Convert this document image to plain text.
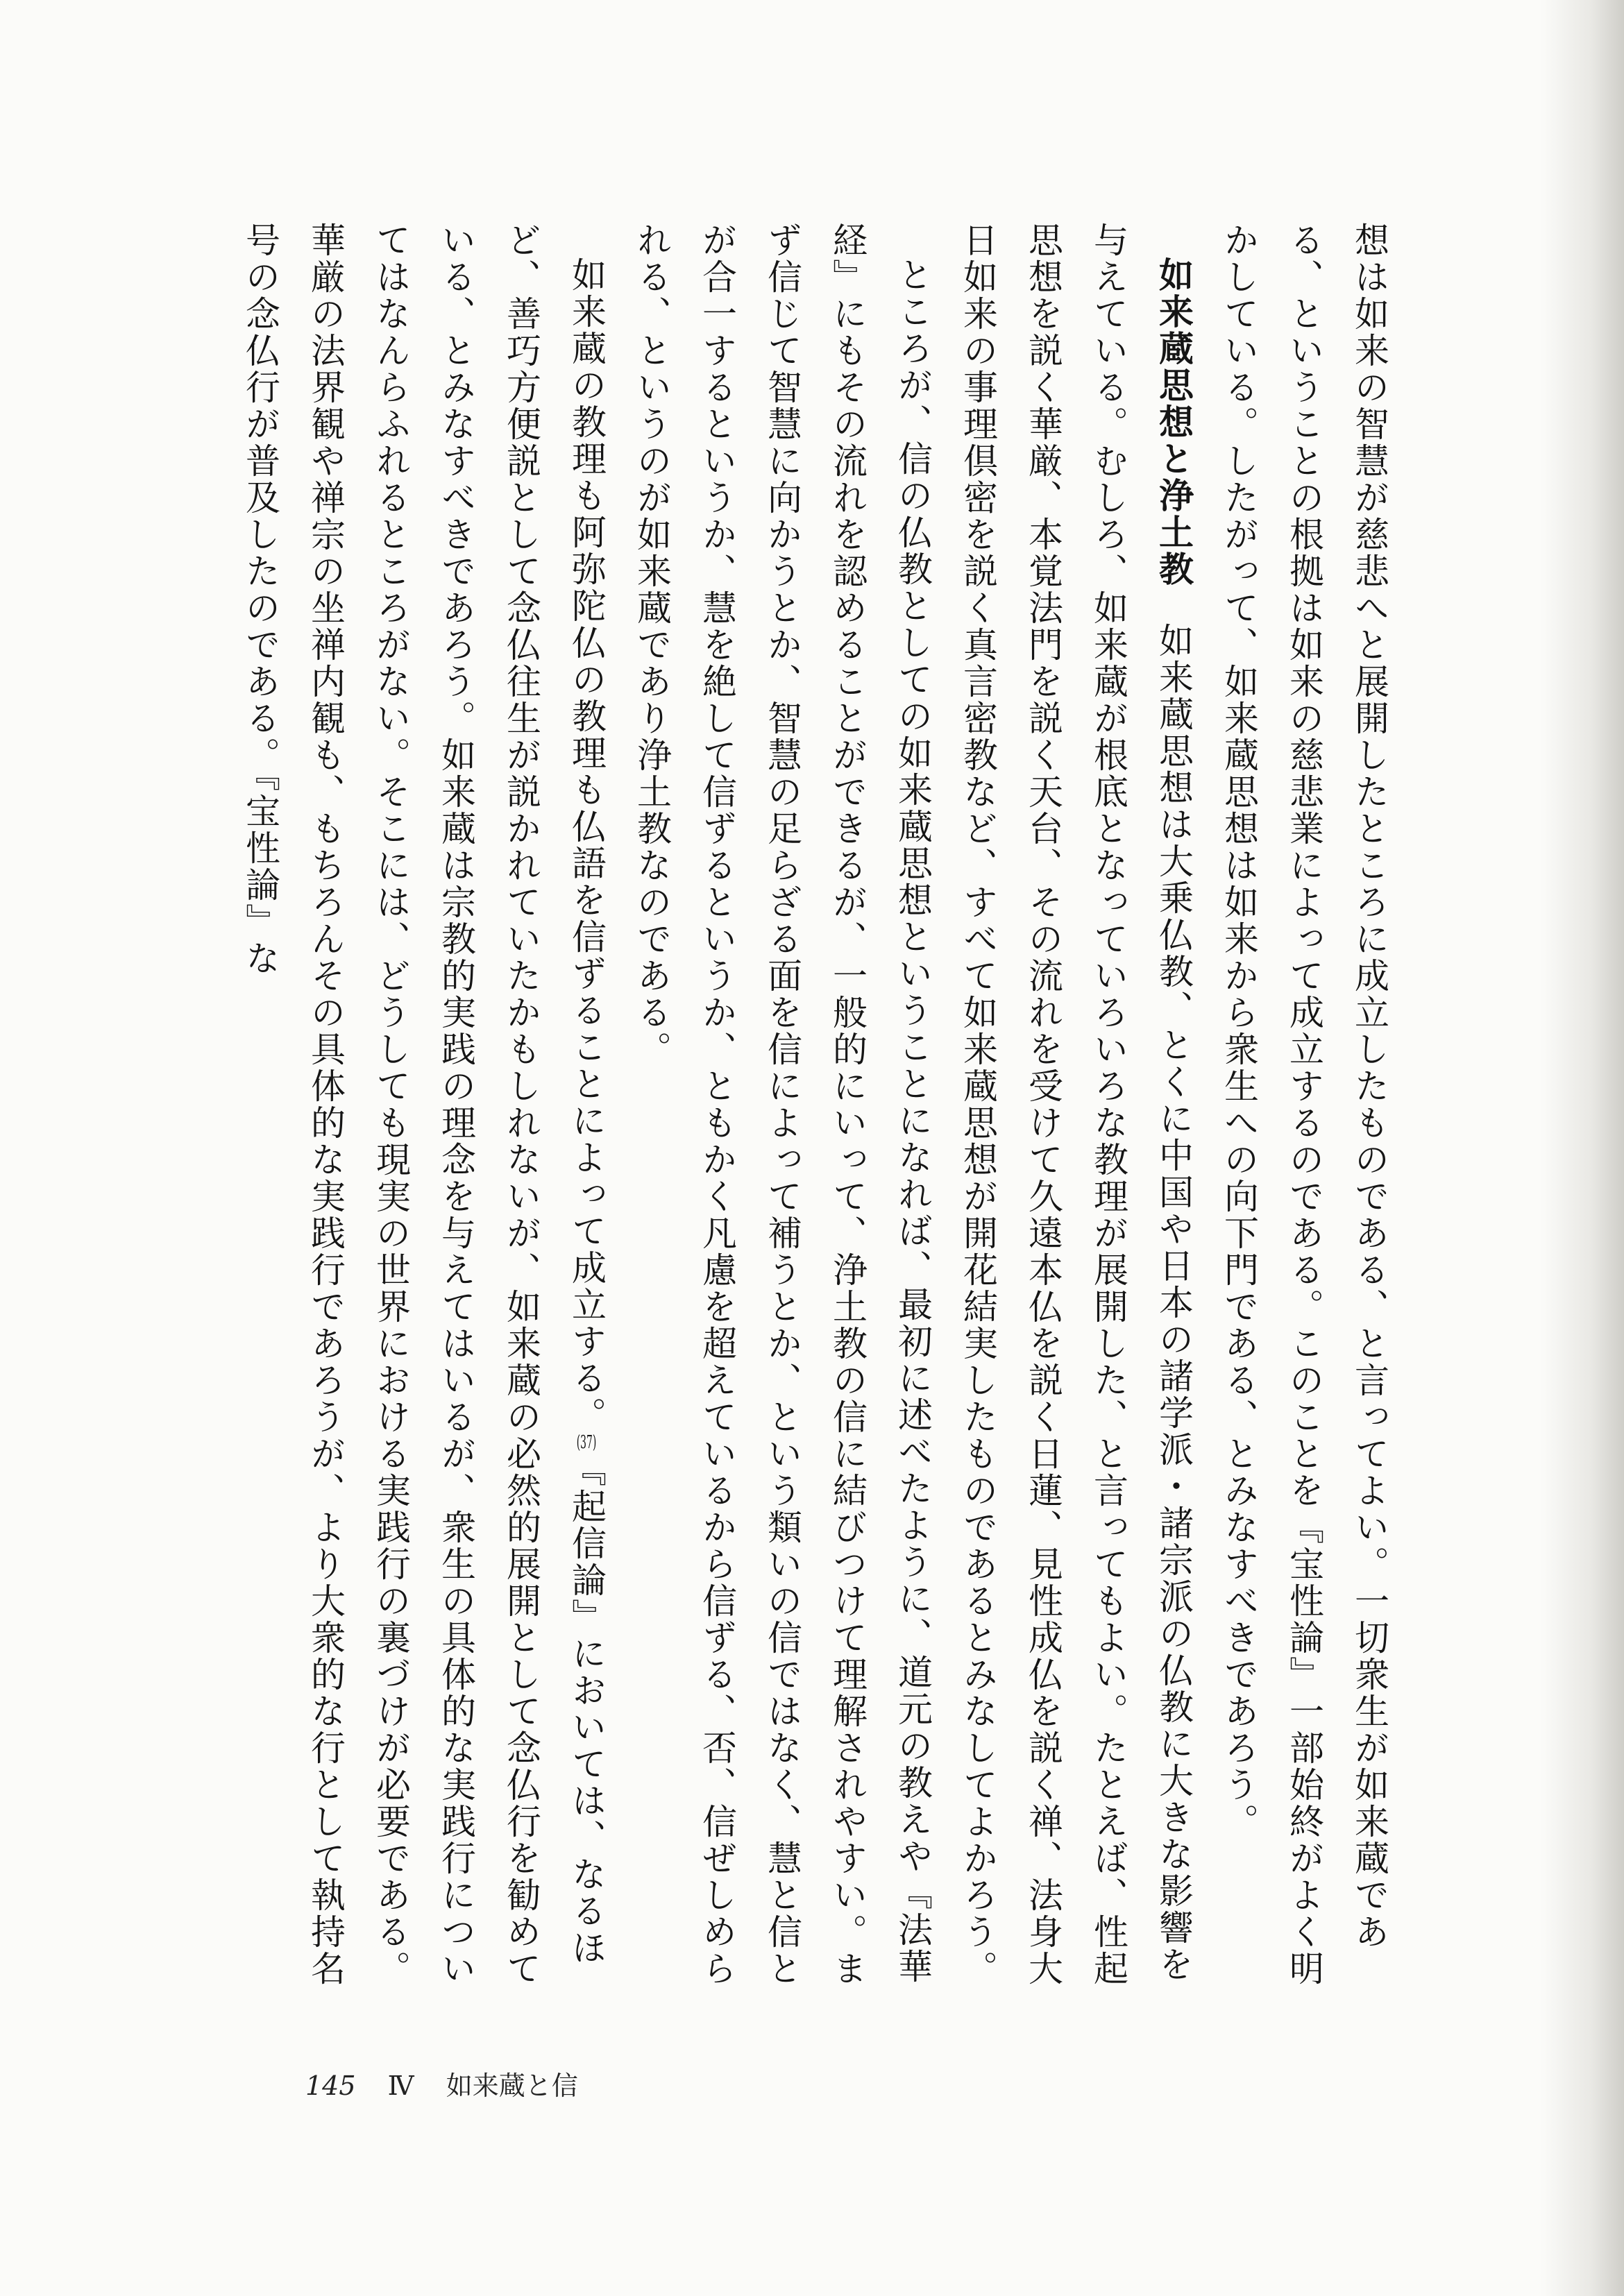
想は如来の智慧が慈悲へと展開したところに成立したものである、と言ってよい。一切衆生が如来蔵である、ということの根拠は如来の慈悲業によって成立するのである。このことを『宝性論』一部始終がよく明かしている。したがって、如来蔵思想は如来から衆生への向下門である、とみなすべきであろう。

如来蔵思想と浄土教如来蔵思想は大乗仏教、とくに中国や日本の諸学派・諸宗派の仏教に大きな影響を与えている。むしろ、如来蔵が根底となっていろいろな教理が展開した、と言ってもよい。たとえば、性起思想を説く華厳、本覚法門を説く天台、その流れを受けて久遠本仏を説く日蓮、見性成仏を説く禅、法身大日如来の事理倶密を説く真言密教など、すべて如来蔵思想が開花結実したものであるとみなしてよかろう。

ところが、信の仏教としての如来蔵思想ということになれば、最初に述べたように、道元の教えや『法華経』にもその流れを認めることができるが、一般的にいって、浄土教の信に結びつけて理解されやすい。まず信じて智慧に向かうとか、智慧の足らざる面を信によって補うとか、という類いの信ではなく、慧と信とが合一するというか、慧を絶して信ずるというか、ともかく凡慮を超えているから信ずる、否、信ぜしめられる、というのが如来蔵であり浄土教なのである。

如来蔵の教理も阿弥陀仏の教理も仏語を信ずることによって成立する。(37)『起信論』においては、なるほど、善巧方便説として念仏往生が説かれていたかもしれないが、如来蔵の必然的展開として念仏行を勧めている、とみなすべきであろう。如来蔵は宗教的実践の理念を与えてはいるが、衆生の具体的な実践行についてはなんらふれるところがない。そこには、どうしても現実の世界における実践行の裏づけが必要である。華厳の法界観や禅宗の坐禅内観も、もちろんその具体的な実践行であろうが、より大衆的な行として執持名号の念仏行が普及したのである。『宝性論』な

145 Ⅳ 如来蔵と信
